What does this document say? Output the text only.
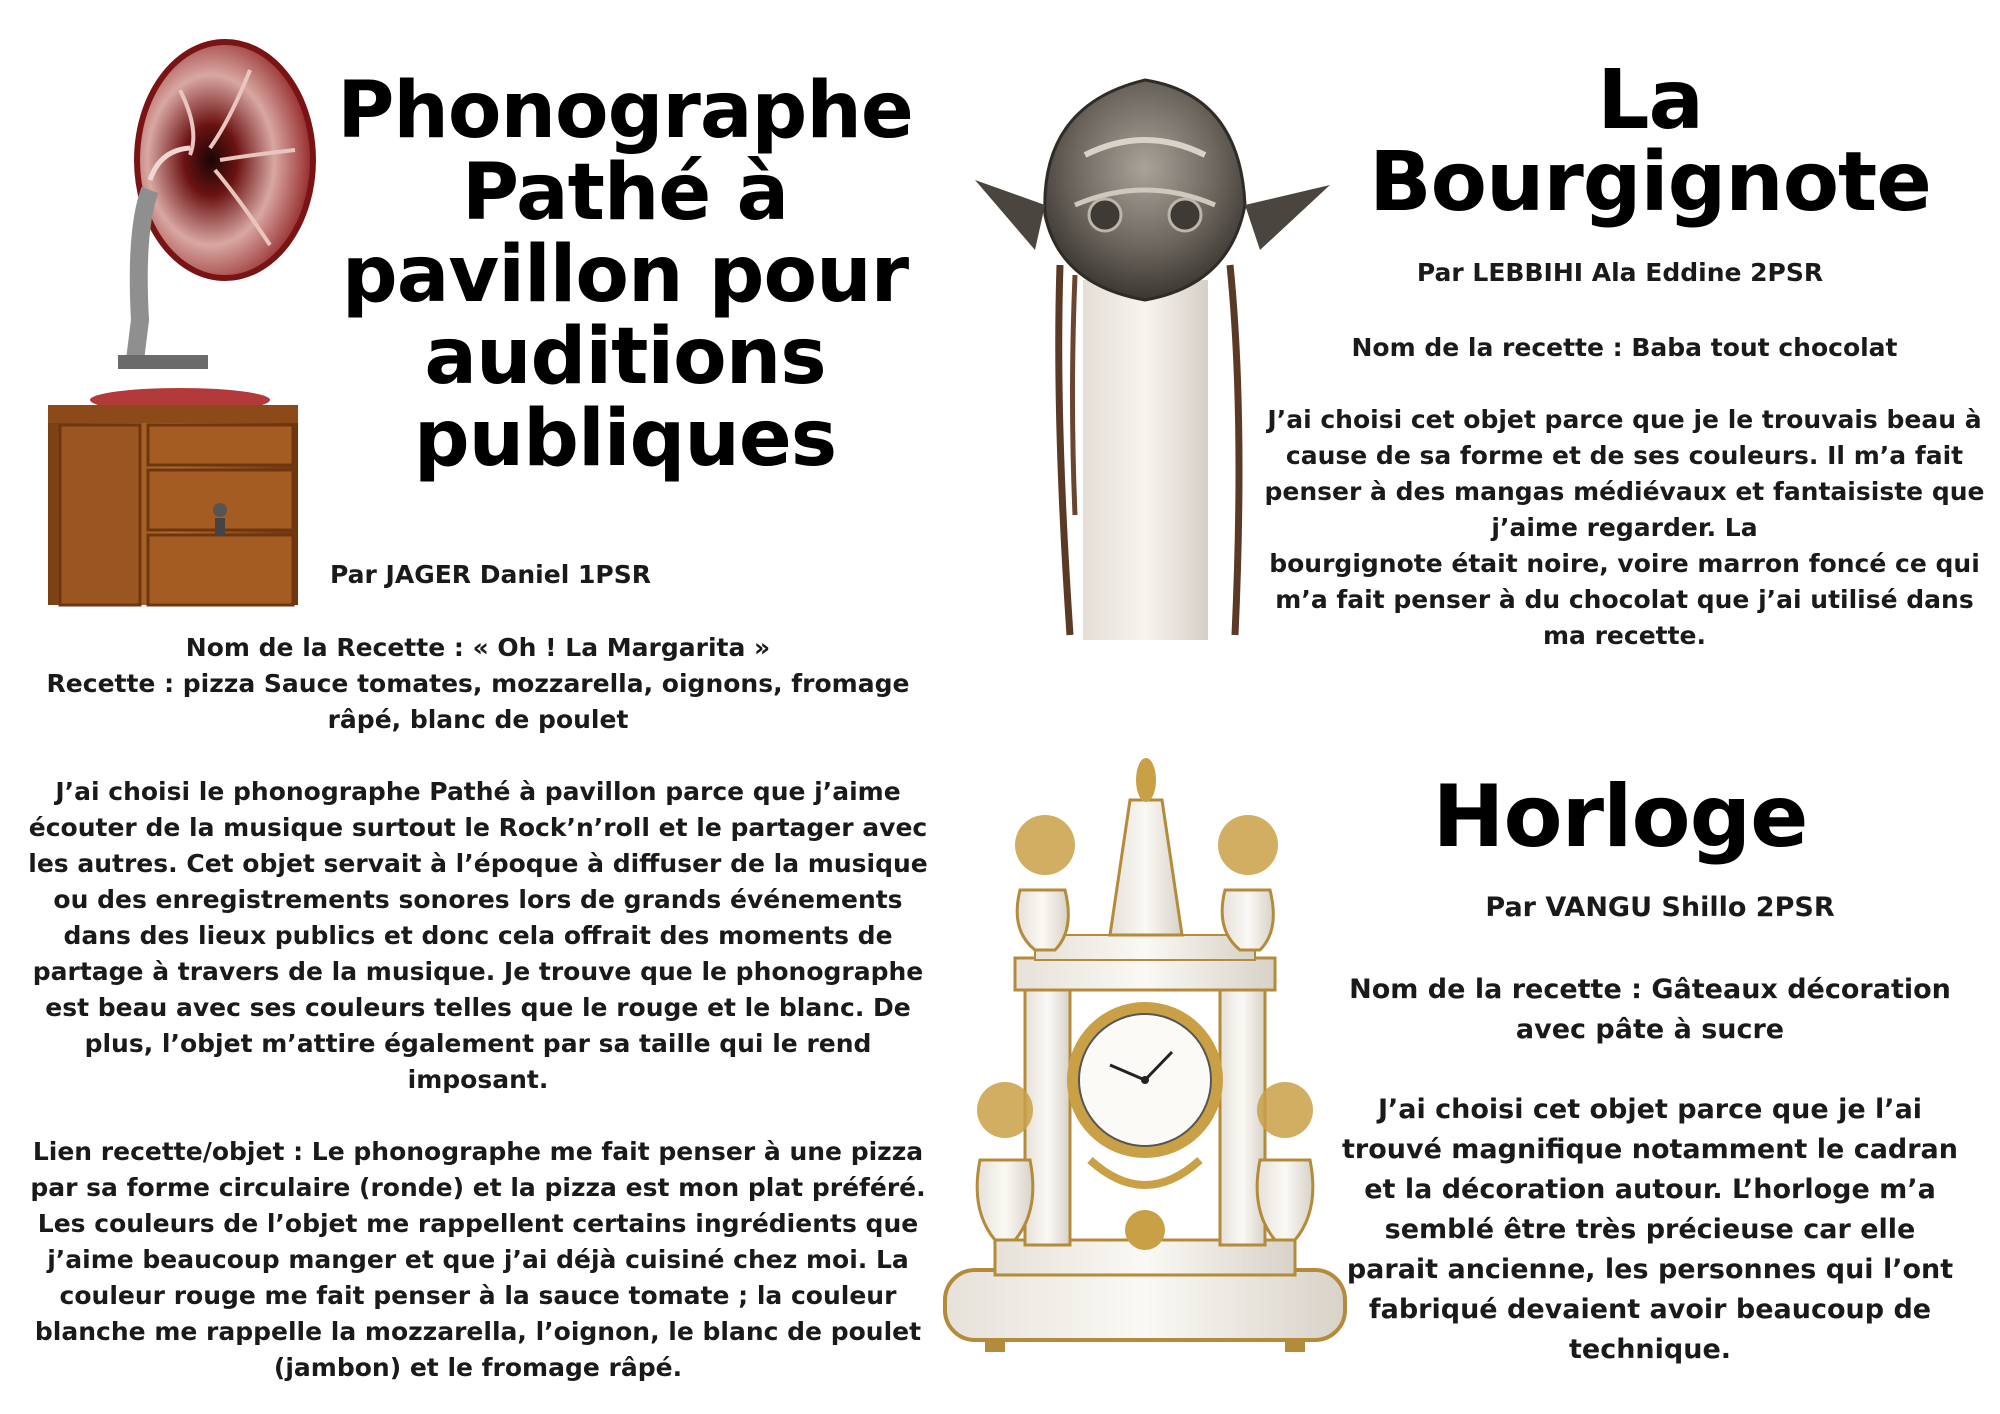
Phonographe Pathé à pavillon pour auditions publiques
Par JAGER Daniel 1PSR

Nom de la Recette : « Oh ! La Margarita »

Recette : pizza Sauce tomates, mozzarella, oignons, fromage râpé, blanc de poulet

J’ai choisi le phonographe Pathé à pavillon parce que j’aime écouter de la musique surtout le Rock’n’roll et le partager avec les autres. Cet objet servait à l’époque à diffuser de la musique ou des enregistrements sonores lors de grands événements dans des lieux publics et donc cela offrait des moments de partage à travers de la musique. Je trouve que le phonographe est beau avec ses couleurs telles que le rouge et le blanc. De plus, l’objet m’attire également par sa taille qui le rend imposant.

Lien recette/objet : Le phonographe me fait penser à une pizza par sa forme circulaire (ronde) et la pizza est mon plat préféré. Les couleurs de l’objet me rappellent certains ingrédients que j’aime beaucoup manger et que j’ai déjà cuisiné chez moi. La couleur rouge me fait penser à la sauce tomate ; la couleur blanche me rappelle la mozzarella, l’oignon, le blanc de poulet (jambon) et le fromage râpé.

La
Bourgignote
Par LEBBIHI Ala Eddine 2PSR

Nom de la recette : Baba tout chocolat

J’ai choisi cet objet parce que je le trouvais beau à cause de sa forme et de ses couleurs. Il m’a fait penser à des mangas médiévaux et fantaisiste que j’aime regarder. La

bourgignote était noire, voire marron foncé ce qui m’a fait penser à du chocolat que j’ai utilisé dans ma recette.

Horloge
Par VANGU Shillo 2PSR

Nom de la recette : Gâteaux décoration avec pâte à sucre

J’ai choisi cet objet parce que je l’ai trouvé magnifique notamment le cadran et la décoration autour. L’horloge m’a semblé être très précieuse car elle parait ancienne, les personnes qui l’ont fabriqué devaient avoir beaucoup de technique.
